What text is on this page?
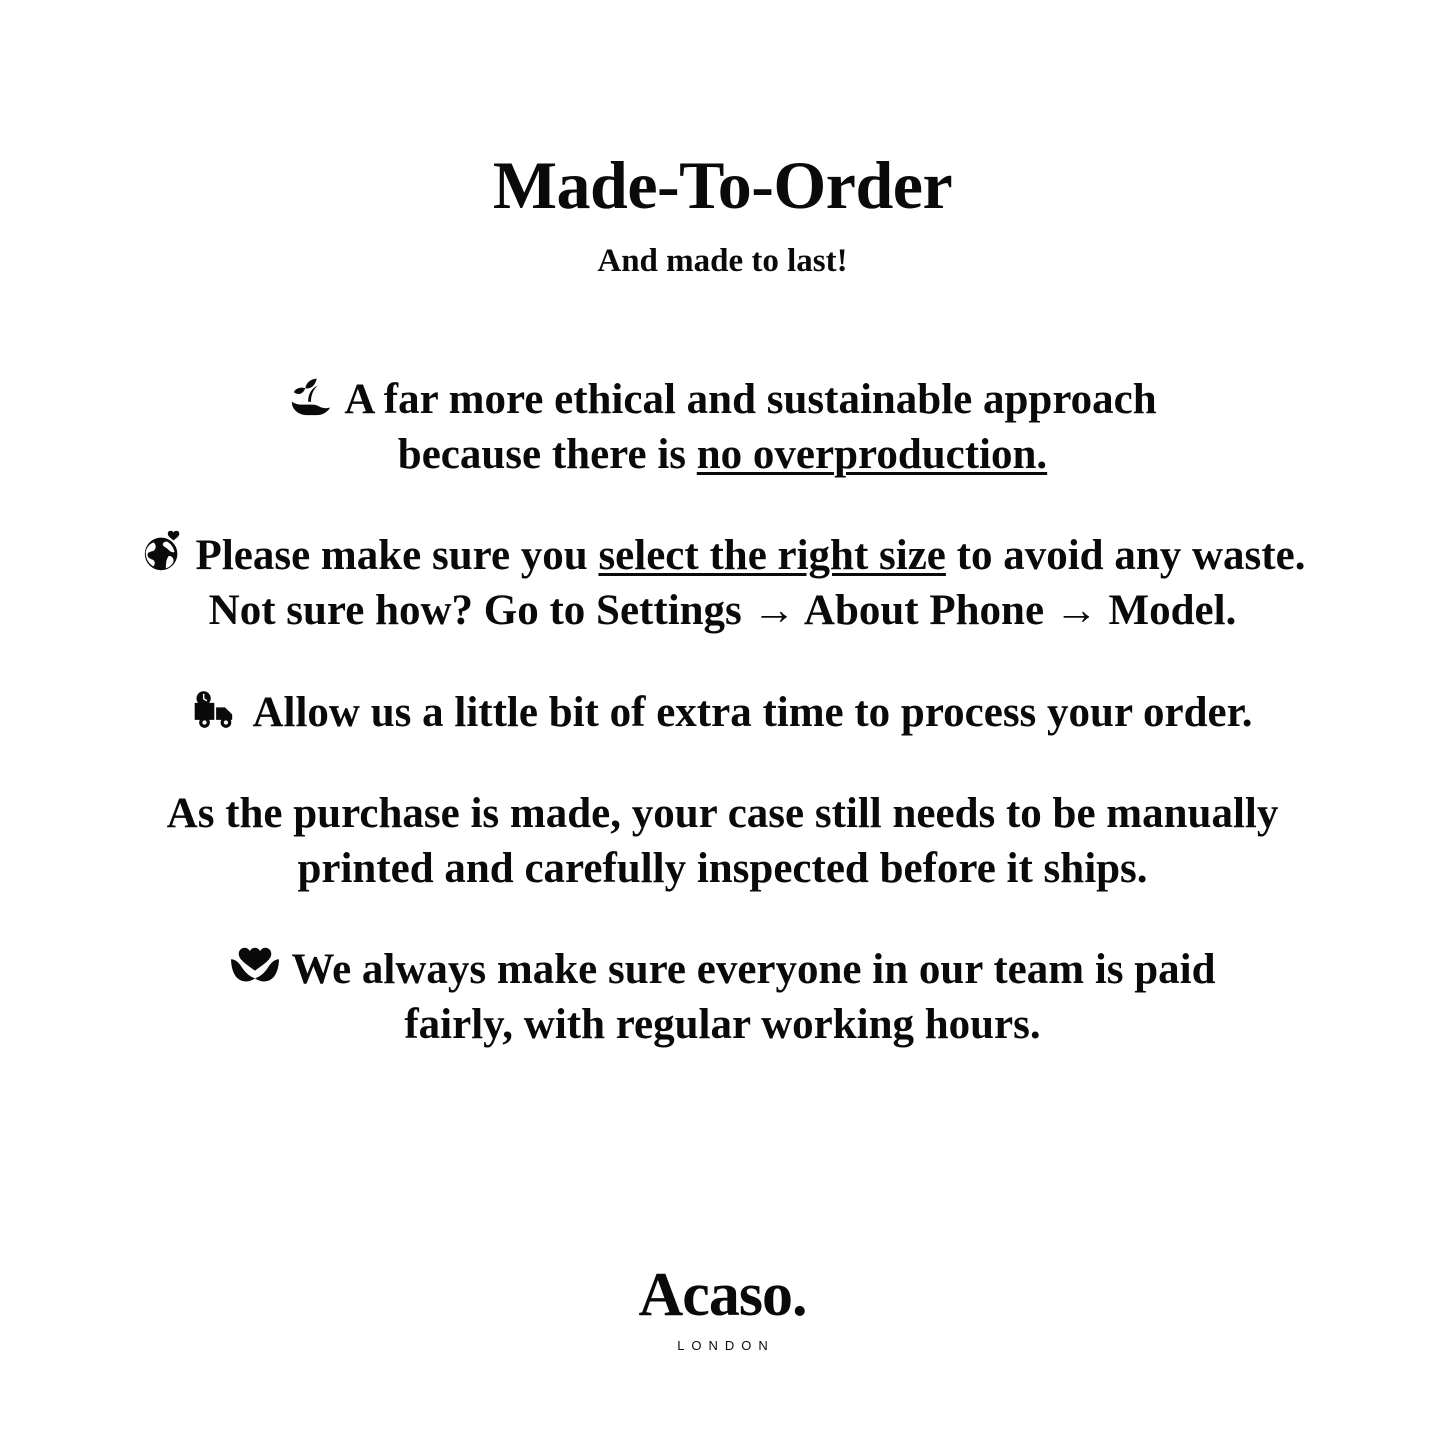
Made-To-Order
And made to last!
A far more ethical and sustainable approach
because there is no overproduction.
Please make sure you select the right size to avoid any waste.
Not sure how? Go to Settings → About Phone → Model.
Allow us a little bit of extra time to process your order.
As the purchase is made, your case still needs to be manually
printed and carefully inspected before it ships.
We always make sure everyone in our team is paid
fairly, with regular working hours.
Acaso.
LONDON
